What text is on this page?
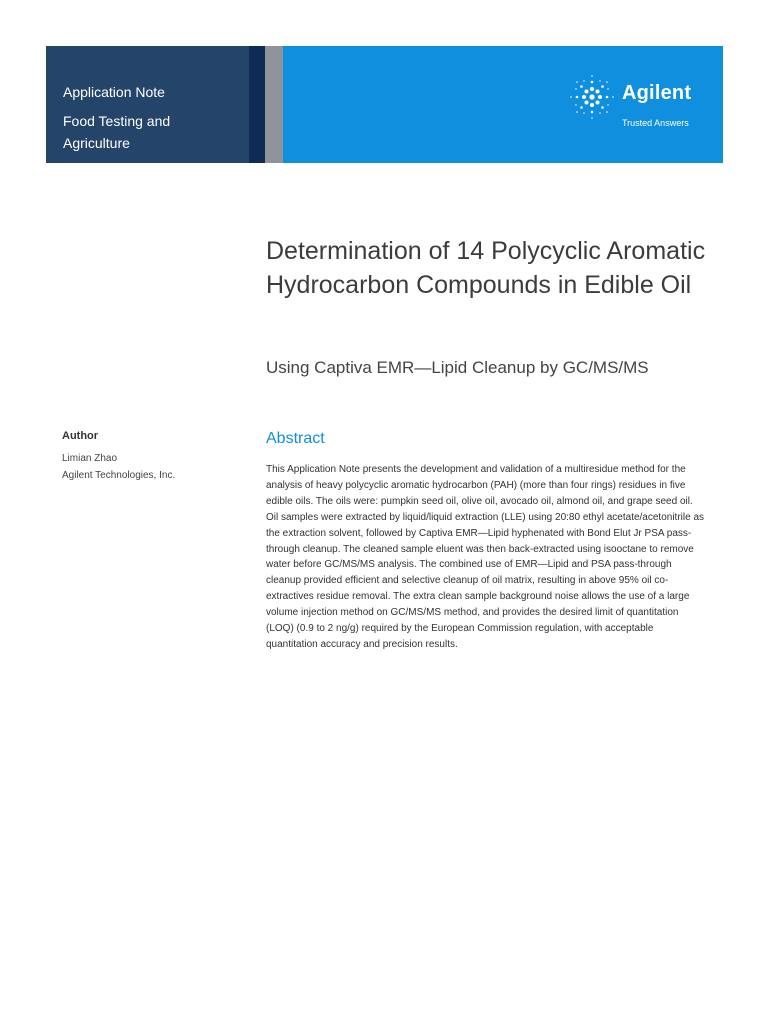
Application Note
Food Testing and Agriculture
Agilent
Trusted Answers
Determination of 14 Polycyclic Aromatic Hydrocarbon Compounds in Edible Oil
Using Captiva EMR—Lipid Cleanup by GC/MS/MS
Author
Limian Zhao
Agilent Technologies, Inc.
Abstract

This Application Note presents the development and validation of a multiresidue method for the analysis of heavy polycyclic aromatic hydrocarbon (PAH) (more than four rings) residues in five edible oils. The oils were: pumpkin seed oil, olive oil, avocado oil, almond oil, and grape seed oil. Oil samples were extracted by liquid/liquid extraction (LLE) using 20:80 ethyl acetate/acetonitrile as the extraction solvent, followed by Captiva EMR—Lipid hyphenated with Bond Elut Jr PSA pass-through cleanup. The cleaned sample eluent was then back-extracted using isooctane to remove water before GC/MS/MS analysis. The combined use of EMR—Lipid and PSA pass-through cleanup provided efficient and selective cleanup of oil matrix, resulting in above 95% oil co-extractives residue removal. The extra clean sample background noise allows the use of a large volume injection method on GC/MS/MS method, and provides the desired limit of quantitation (LOQ) (0.9 to 2 ng/g) required by the European Commission regulation, with acceptable quantitation accuracy and precision results.
